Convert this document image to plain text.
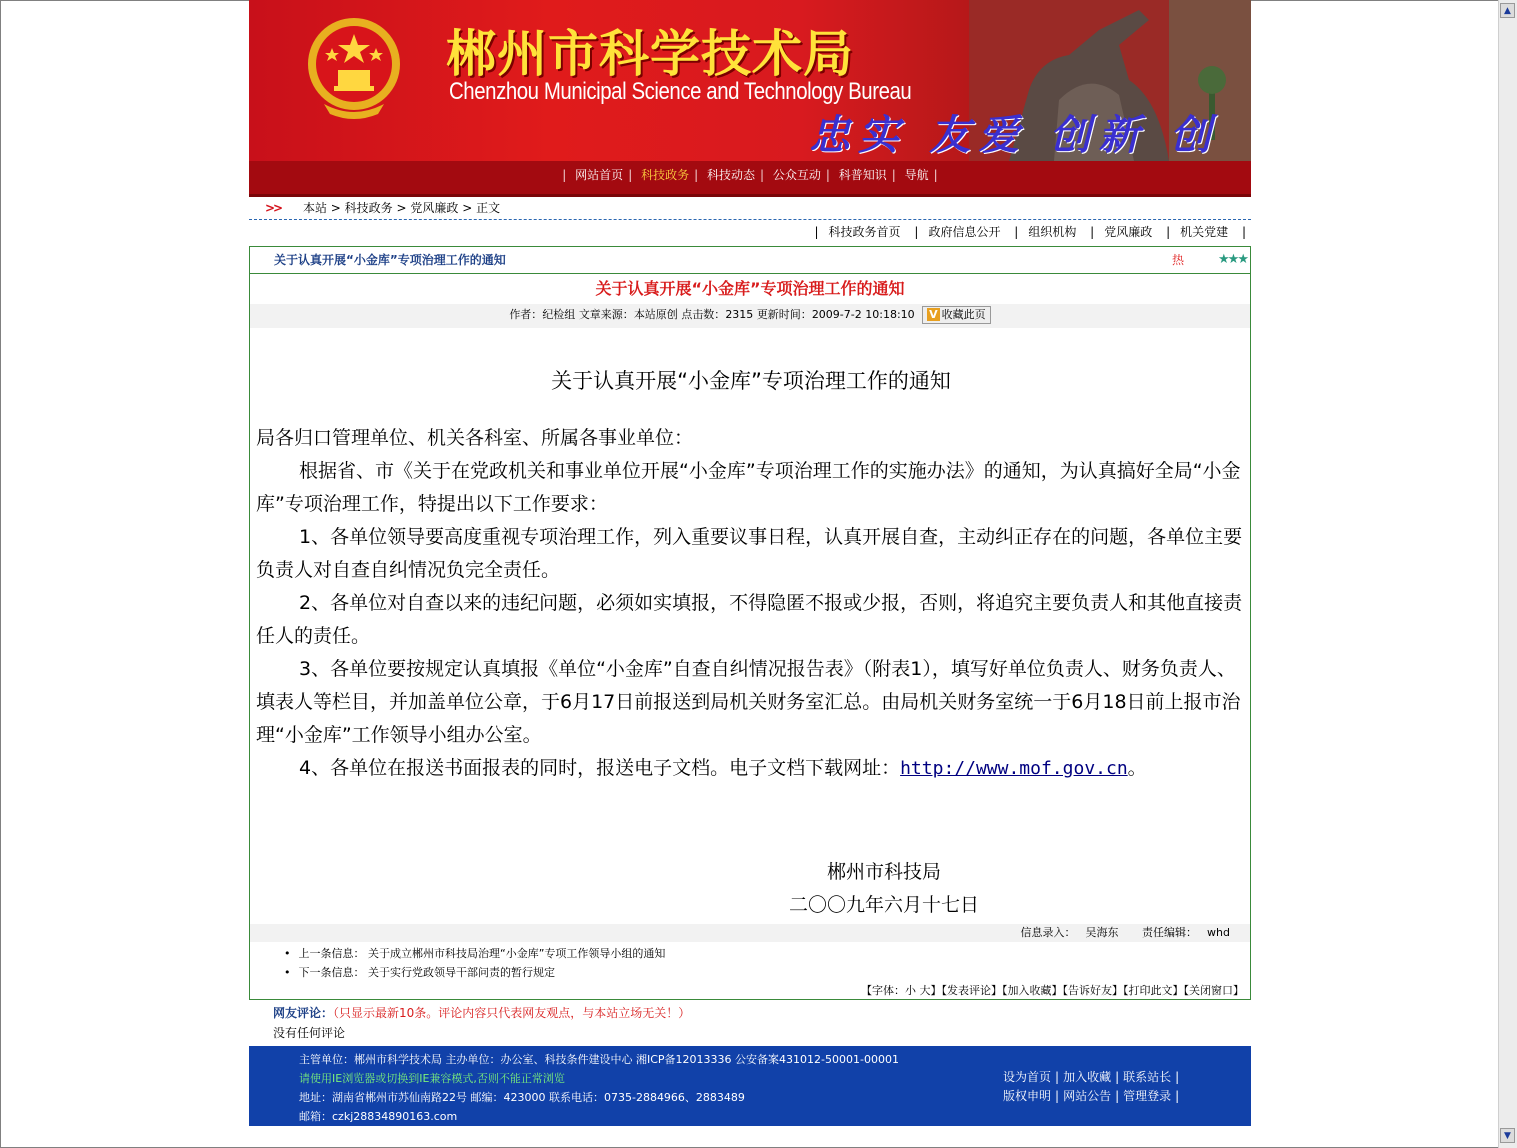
▲
▼
郴州市科学技术局
Chenzhou Municipal Science and Technology Bureau
忠实 友爱 创新 创
| 网站首页 | 科技政务 | 科技动态 | 公众互动 | 科普知识 | 导航 |
>> 本站 > 科技政务 > 党风廉政 > 正文
| 科技政务首页 | 政府信息公开 | 组织机构 | 党风廉政 | 机关党建 |
关于认真开展“小金库”专项治理工作的通知	热	★★★
关于认真开展“小金库”专项治理工作的通知
作者：纪检组 文章来源：本站原创 点击数：2315 更新时间：2009-7-2 10:18:10 V 收藏此页
关于认真开展“小金库”专项治理工作的通知
局各归口管理单位、机关各科室、所属各事业单位：
根据省、市《关于在党政机关和事业单位开展“小金库”专项治理工作的实施办法》的通知，为认真搞好全局“小金库”专项治理工作，特提出以下工作要求：
1、各单位领导要高度重视专项治理工作，列入重要议事日程，认真开展自查，主动纠正存在的问题，各单位主要负责人对自查自纠情况负完全责任。
2、各单位对自查以来的违纪问题，必须如实填报，不得隐匿不报或少报，否则，将追究主要负责人和其他直接责任人的责任。
3、各单位要按规定认真填报《单位“小金库”自查自纠情况报告表》（附表1），填写好单位负责人、财务负责人、填表人等栏目，并加盖单位公章，于6月17日前报送到局机关财务室汇总。由局机关财务室统一于6月18日前上报市治理“小金库”工作领导小组办公室。
4、各单位在报送书面报表的同时，报送电子文档。电子文档下载网址：http://www.mof.gov.cn。
郴州市科技局
二〇〇九年六月十七日
信息录入： 吴海东 责任编辑： whd
• 上一条信息： 关于成立郴州市科技局治理“小金库”专项工作领导小组的通知
• 下一条信息： 关于实行党政领导干部问责的暂行规定
【字体：小 大】【发表评论】【加入收藏】【告诉好友】【打印此文】【关闭窗口】
网友评论：（只显示最新10条。评论内容只代表网友观点，与本站立场无关！）
没有任何评论
主管单位：郴州市科学技术局 主办单位：办公室、科技条件建设中心 湘ICP备12013336 公安备案431012-50001-00001
请使用IE浏览器或切换到IE兼容模式,否则不能正常浏览
地址：湖南省郴州市苏仙南路22号 邮编：423000 联系电话：0735-2884966、2883489
邮箱：czkj28834890163.com
设为首页 | 加入收藏 | 联系站长 |
版权申明 | 网站公告 | 管理登录 |
